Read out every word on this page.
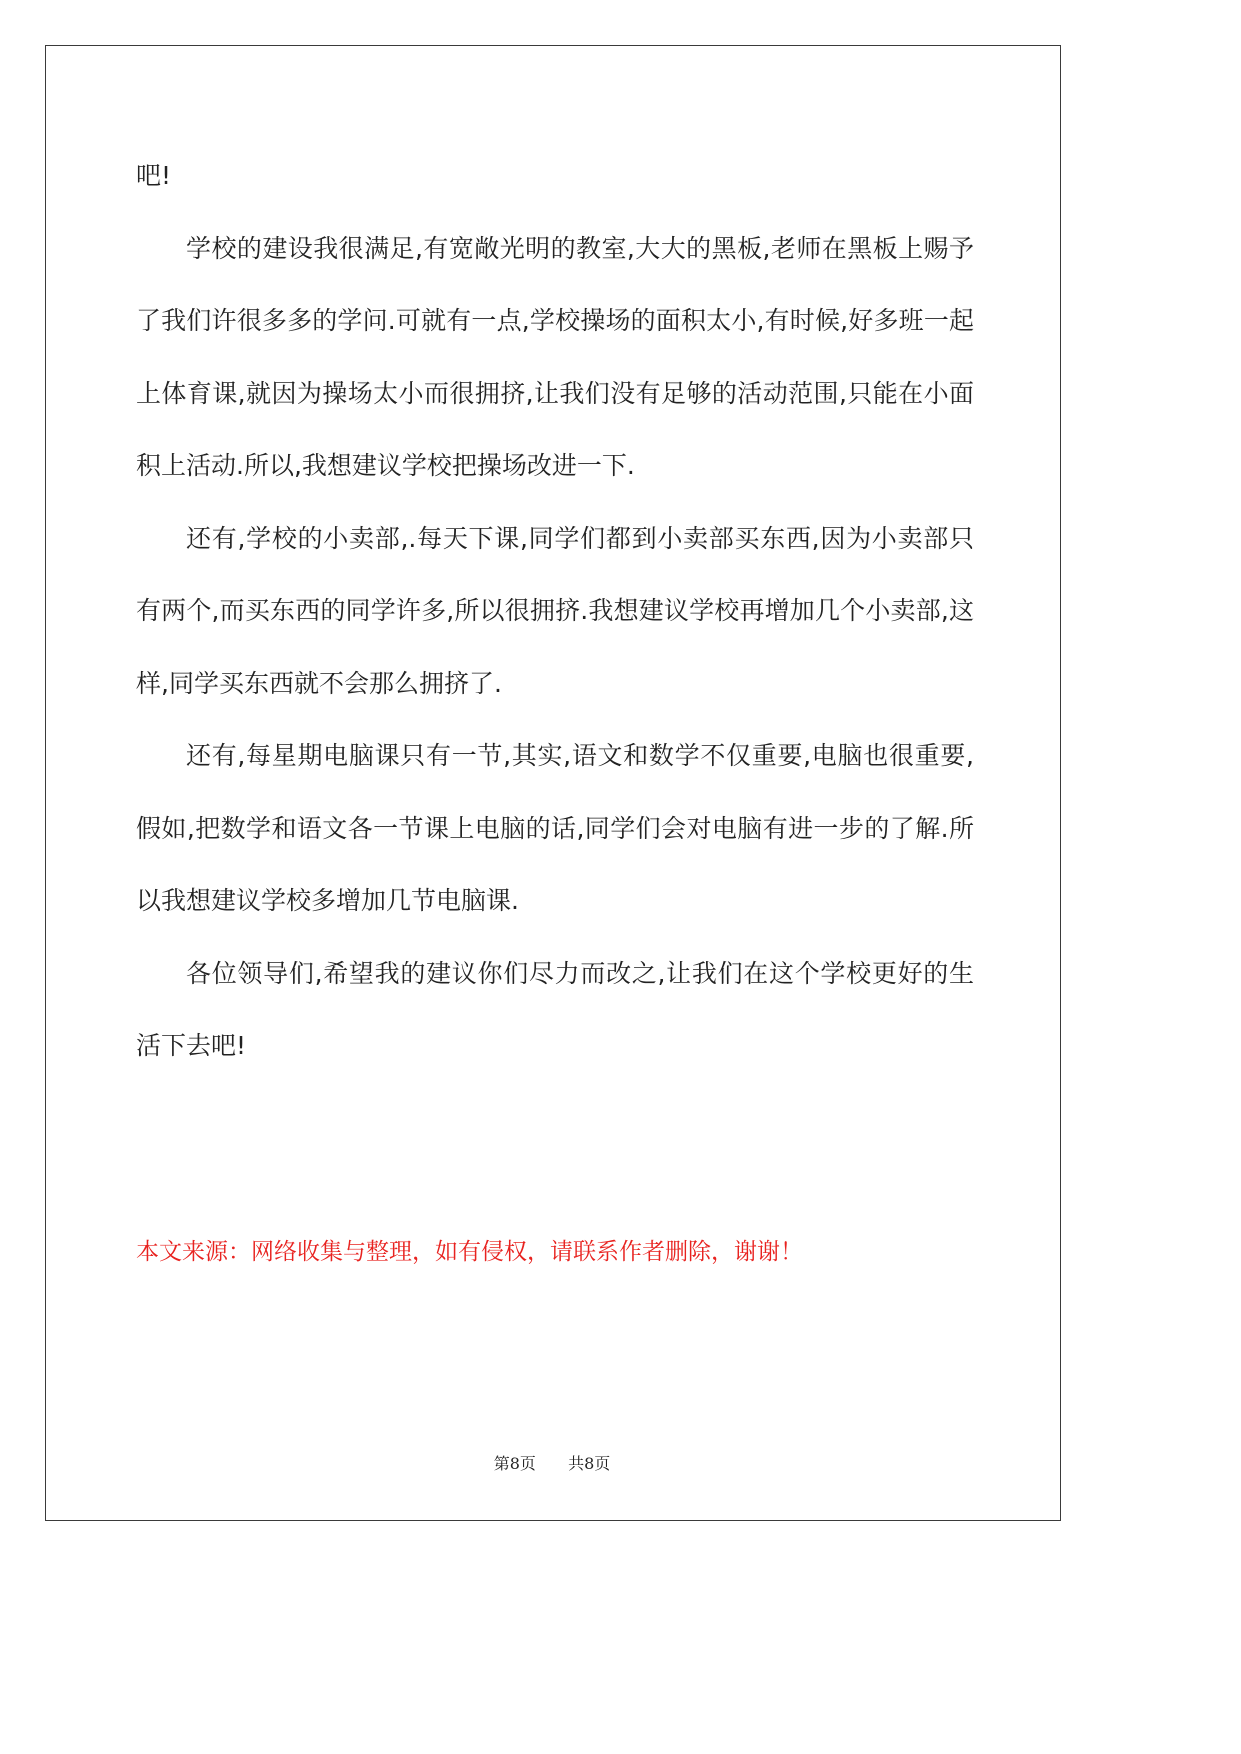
吧!

学校的建设我很满足,有宽敞光明的教室,大大的黑板,老师在黑板上赐予了我们许很多多的学问.可就有一点,学校操场的面积太小,有时候,好多班一起上体育课,就因为操场太小而很拥挤,让我们没有足够的活动范围,只能在小面积上活动.所以,我想建议学校把操场改进一下.

还有,学校的小卖部,.每天下课,同学们都到小卖部买东西,因为小卖部只有两个,而买东西的同学许多,所以很拥挤.我想建议学校再增加几个小卖部,这样,同学买东西就不会那么拥挤了.

还有,每星期电脑课只有一节,其实,语文和数学不仅重要,电脑也很重要,假如,把数学和语文各一节课上电脑的话,同学们会对电脑有进一步的了解.所以我想建议学校多增加几节电脑课.

各位领导们,希望我的建议你们尽力而改之,让我们在这个学校更好的生活下去吧!

本文来源：网络收集与整理，如有侵权，请联系作者删除，谢谢！

第8页 共8页
